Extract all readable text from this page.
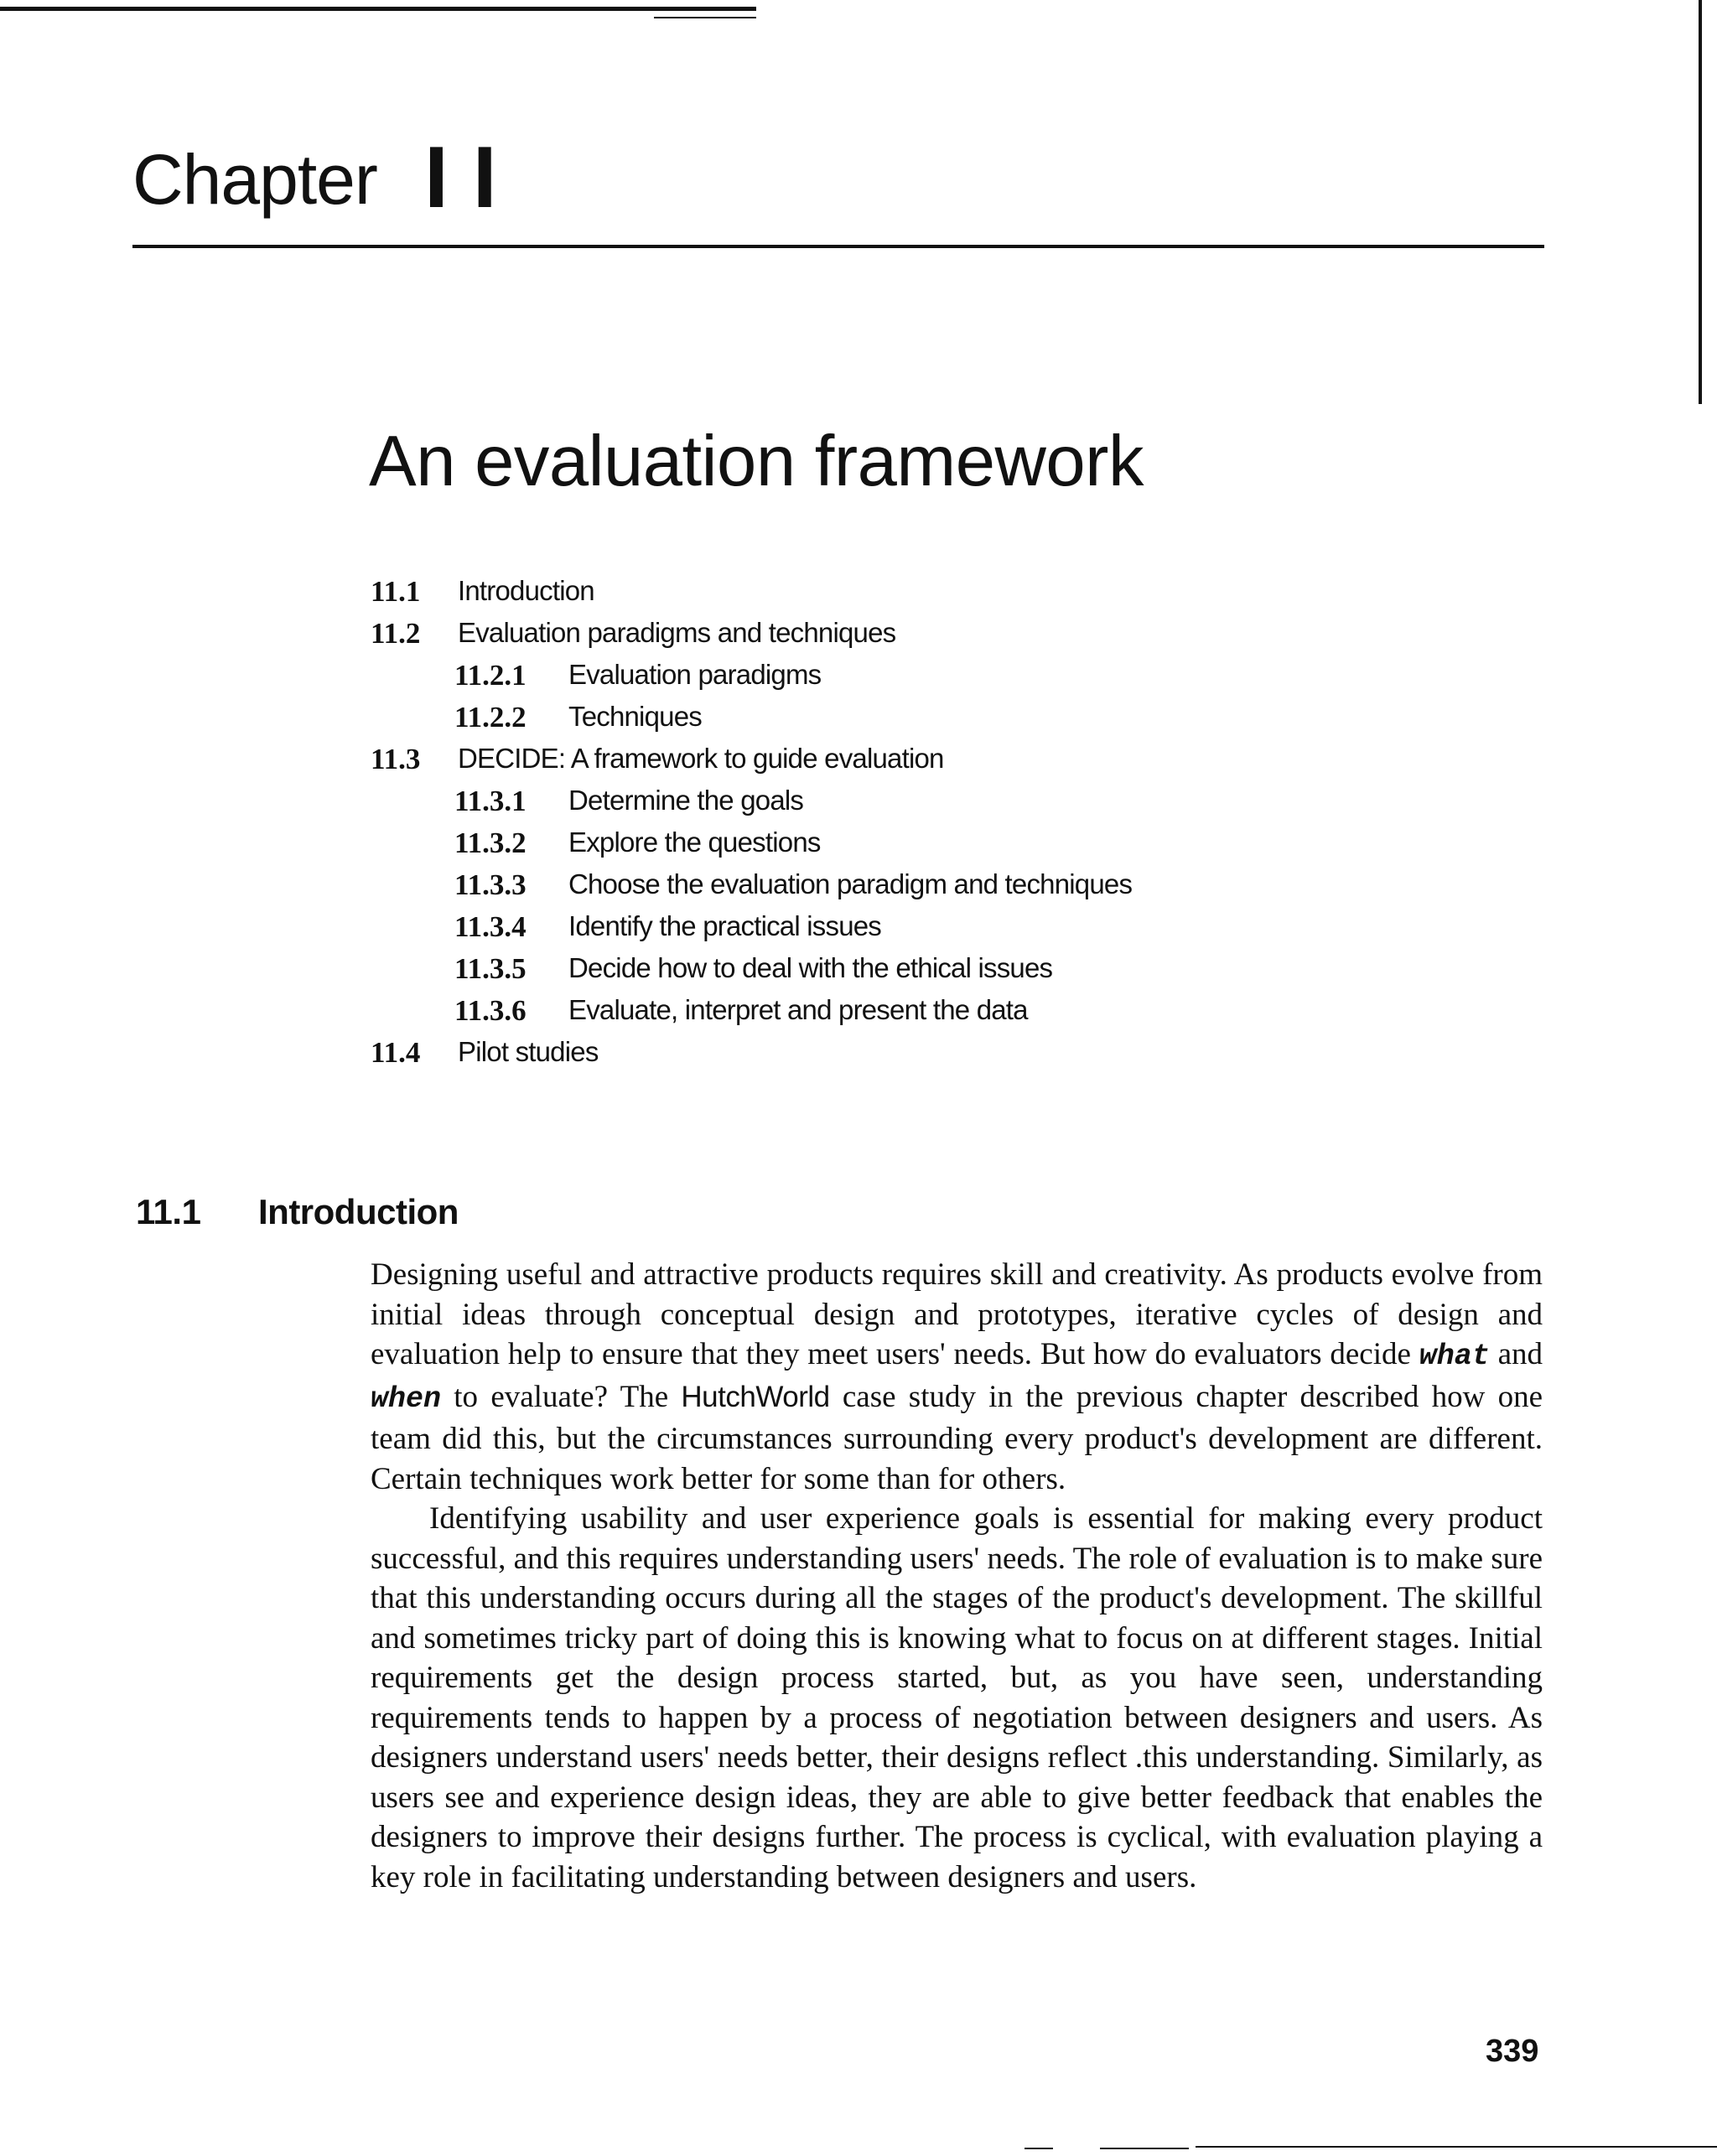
Chapter I I
An evaluation framework
11.1 Introduction
11.2 Evaluation paradigms and techniques
11.2.1 Evaluation paradigms
11.2.2 Techniques
11.3 DECIDE: A framework to guide evaluation
11.3.1 Determine the goals
11.3.2 Explore the questions
11.3.3 Choose the evaluation paradigm and techniques
11.3.4 Identify the practical issues
11.3.5 Decide how to deal with the ethical issues
11.3.6 Evaluate, interpret and present the data
11.4 Pilot studies
11.1 Introduction

Designing useful and attractive products requires skill and creativity. As products evolve from initial ideas through conceptual design and prototypes, iterative cycles of design and evaluation help to ensure that they meet users' needs. But how do evaluators decide what and when to evaluate? The HutchWorld case study in the previous chapter described how one team did this, but the circumstances surrounding every product's development are different. Certain techniques work better for some than for others.

Identifying usability and user experience goals is essential for making every product successful, and this requires understanding users' needs. The role of evaluation is to make sure that this understanding occurs during all the stages of the product's development. The skillful and sometimes tricky part of doing this is knowing what to focus on at different stages. Initial requirements get the design process started, but, as you have seen, understanding requirements tends to happen by a process of negotiation between designers and users. As designers understand users' needs better, their designs reflect .this understanding. Similarly, as users see and experience design ideas, they are able to give better feedback that enables the designers to improve their designs further. The process is cyclical, with evaluation playing a key role in facilitating understanding between designers and users.

339
